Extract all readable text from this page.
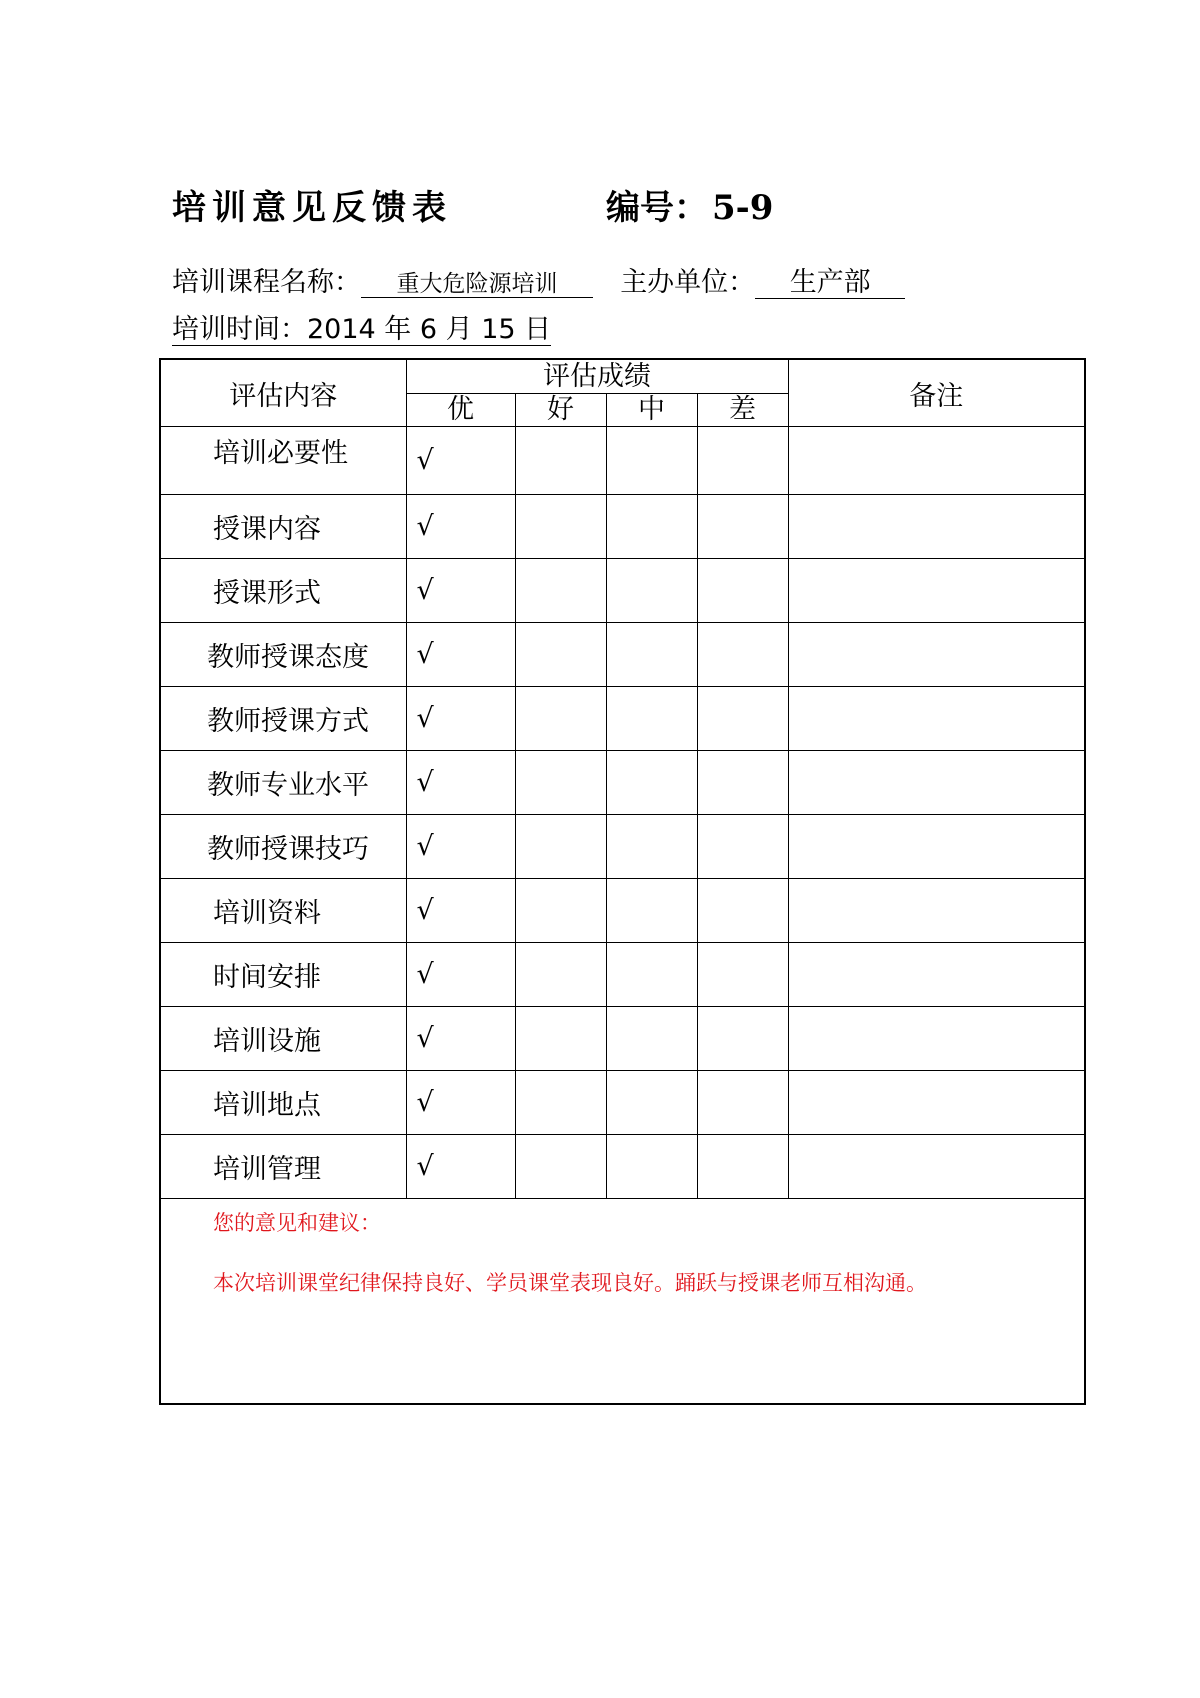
培训意见反馈表	编号： 5-9
培训课程名称： 重大危险源培训 主办单位： 生产部
培训时间：2014 年 6 月 15 日
评估内容	评估成绩				备注
	优	好	中	差	
培训必要性	√				
授课内容	√				
授课形式	√				
教师授课态度	√				
教师授课方式	√				
教师专业水平	√				
教师授课技巧	√				
培训资料	√				
时间安排	√				
培训设施	√				
培训地点	√				
培训管理	√				

您的意见和建议：
本次培训课堂纪律保持良好、学员课堂表现良好。踊跃与授课老师互相沟通。					
